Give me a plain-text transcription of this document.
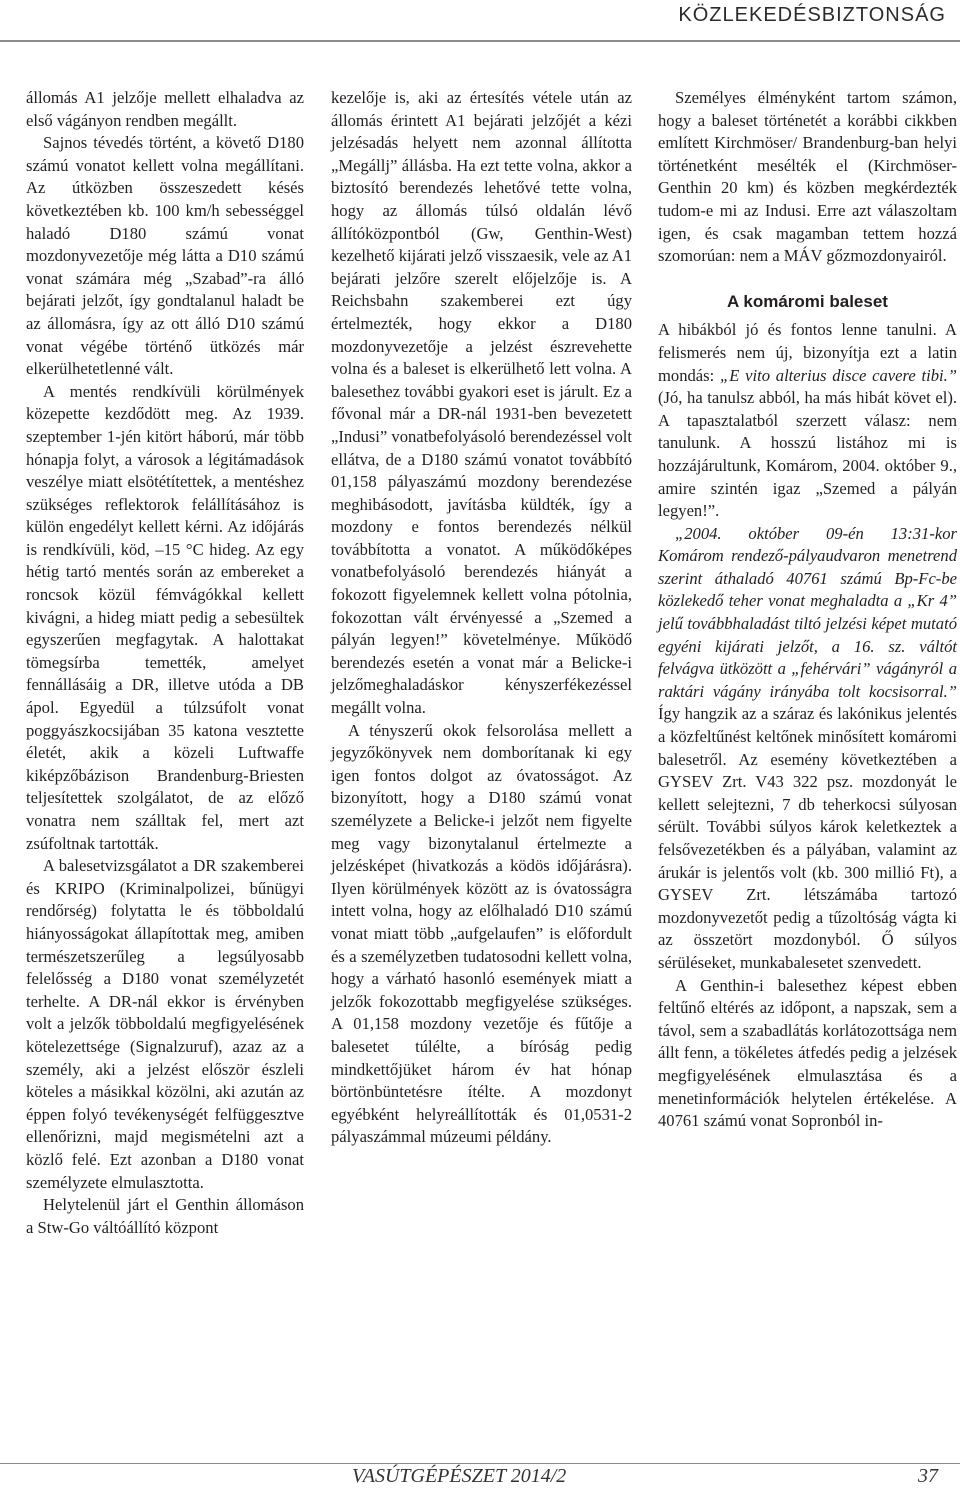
KÖZLEKEDÉSBIZTONSÁG

állomás A1 jelzője mellett elhaladva az első vágányon rendben megállt.

Sajnos tévedés történt, a követő D180 számú vonatot kellett volna megállítani. Az útközben összeszedett késés következtében kb. 100 km/h sebességgel haladó D180 számú vonat mozdonyvezetője még látta a D10 számú vonat számára még „Szabad”-ra álló bejárati jelzőt, így gondtalanul haladt be az állomásra, így az ott álló D10 számú vonat végébe történő ütközés már elkerülhetetlenné vált.

A mentés rendkívüli körülmények közepette kezdődött meg. Az 1939. szeptember 1-jén kitört háború, már több hónapja folyt, a városok a légitámadások veszélye miatt elsötétítettek, a mentéshez szükséges reflektorok felállításához is külön engedélyt kellett kérni. Az időjárás is rendkívüli, köd, –15 °C hideg. Az egy hétig tartó mentés során az embereket a roncsok közül fémvágókkal kellett kivágni, a hideg miatt pedig a sebesültek egyszerűen megfagytak. A halottakat tömegsírba temették, amelyet fennállásáig a DR, illetve utóda a DB ápol. Egyedül a túlzsúfolt vonat poggyászkocsijában 35 katona vesztette életét, akik a közeli Luftwaffe kiképzőbázison Brandenburg-Briesten teljesítettek szolgálatot, de az előző vonatra nem szálltak fel, mert azt zsúfoltnak tartották.

A balesetvizsgálatot a DR szakemberei és KRIPO (Kriminalpolizei, bűnügyi rendőrség) folytatta le és többoldalú hiányosságokat állapítottak meg, amiben természetszerűleg a legsúlyosabb felelősség a D180 vonat személyzetét terhelte. A DR-nál ekkor is érvényben volt a jelzők többoldalú megfigyelésének kötelezettsége (Signalzuruf), azaz az a személy, aki a jelzést először észleli köteles a másikkal közölni, aki azután az éppen folyó tevékenységét felfüggesztve ellenőrizni, majd megismételni azt a közlő felé. Ezt azonban a D180 vonat személyzete elmulasztotta.

Helytelenül járt el Genthin állomáson a Stw-Go váltóállító központ

kezelője is, aki az értesítés vétele után az állomás érintett A1 bejárati jelzőjét a kézi jelzésadás helyett nem azonnal állította „Megállj” állásba. Ha ezt tette volna, akkor a biztosító berendezés lehetővé tette volna, hogy az állomás túlsó oldalán lévő állítóközpontból (Gw, Genthin-West) kezelhető kijárati jelző visszaesik, vele az A1 bejárati jelzőre szerelt előjelzője is. A Reichsbahn szakemberei ezt úgy értelmezték, hogy ekkor a D180 mozdonyvezetője a jelzést észrevehette volna és a baleset is elkerülhető lett volna. A balesethez további gyakori eset is járult. Ez a fővonal már a DR-nál 1931-ben bevezetett „Indusi” vonatbefolyásoló berendezéssel volt ellátva, de a D180 számú vonatot továbbító 01,158 pályaszámú mozdony berendezése meghibásodott, javításba küldték, így a mozdony e fontos berendezés nélkül továbbította a vonatot. A működőképes vonatbefolyásoló berendezés hiányát a fokozott figyelemnek kellett volna pótolnia, fokozottan vált érvényessé a „Szemed a pályán legyen!” követelménye. Működő berendezés esetén a vonat már a Belicke-i jelzőmeghaladáskor kényszerfékezéssel megállt volna.

A tényszerű okok felsorolása mellett a jegyzőkönyvek nem domborítanak ki egy igen fontos dolgot az óvatosságot. Az bizonyított, hogy a D180 számú vonat személyzete a Belicke-i jelzőt nem figyelte meg vagy bizonytalanul értelmezte a jelzésképet (hivatkozás a ködös időjárásra). Ilyen körülmények között az is óvatosságra intett volna, hogy az előlhaladó D10 számú vonat miatt több „aufgelaufen” is előfordult és a személyzetben tudatosodni kellett volna, hogy a várható hasonló események miatt a jelzők fokozottabb megfigyelése szükséges. A 01,158 mozdony vezetője és fűtője a balesetet túlélte, a bíróság pedig mindkettőjüket három év hat hónap börtönbüntetésre ítélte. A mozdonyt egyébként helyreállították és 01,0531-2 pályaszámmal múzeumi példány.

Személyes élményként tartom számon, hogy a baleset történetét a korábbi cikkben említett Kirchmöser/ Brandenburg-ban helyi történetként mesélték el (Kirchmöser-Genthin 20 km) és közben megkérdezték tudom-e mi az Indusi. Erre azt válaszoltam igen, és csak magamban tettem hozzá szomorúan: nem a MÁV gőzmozdonyairól.

A komáromi baleset

A hibákból jó és fontos lenne tanulni. A felismerés nem új, bizonyítja ezt a latin mondás: „E vito alterius disce cavere tibi.” (Jó, ha tanulsz abból, ha más hibát követ el). A tapasztalatból szerzett válasz: nem tanulunk. A hosszú listához mi is hozzájárultunk, Komárom, 2004. október 9., amire szintén igaz „Szemed a pályán legyen!”.

„2004. október 09-én 13:31-kor Komárom rendező-pályaudvaron menetrend szerint áthaladó 40761 számú Bp-Fc-be közlekedő teher vonat meghaladta a „Kr 4” jelű továbbhaladást tiltó jelzési képet mutató egyéni kijárati jelzőt, a 16. sz. váltót felvágva ütközött a „fehérvári” vágányról a raktári vágány irányába tolt kocsisorral.” Így hangzik az a száraz és lakónikus jelentés a közfeltűnést keltőnek minősített komáromi balesetről. Az esemény következtében a GYSEV Zrt. V43 322 psz. mozdonyát le kellett selejtezni, 7 db teherkocsi súlyosan sérült. További súlyos károk keletkeztek a felsővezetékben és a pályában, valamint az árukár is jelentős volt (kb. 300 millió Ft), a GYSEV Zrt. létszámába tartozó mozdonyvezetőt pedig a tűzoltóság vágta ki az összetört mozdonyból. Ő súlyos sérüléseket, munkabalesetet szenvedett.

A Genthin-i balesethez képest ebben feltűnő eltérés az időpont, a napszak, sem a távol, sem a szabadlátás korlátozottsága nem állt fenn, a tökéletes átfedés pedig a jelzések megfigyelésének elmulasztása és a menetinformációk helytelen értékelése. A 40761 számú vonat Sopronból in-

VASÚTGÉPÉSZET 2014/2	37
